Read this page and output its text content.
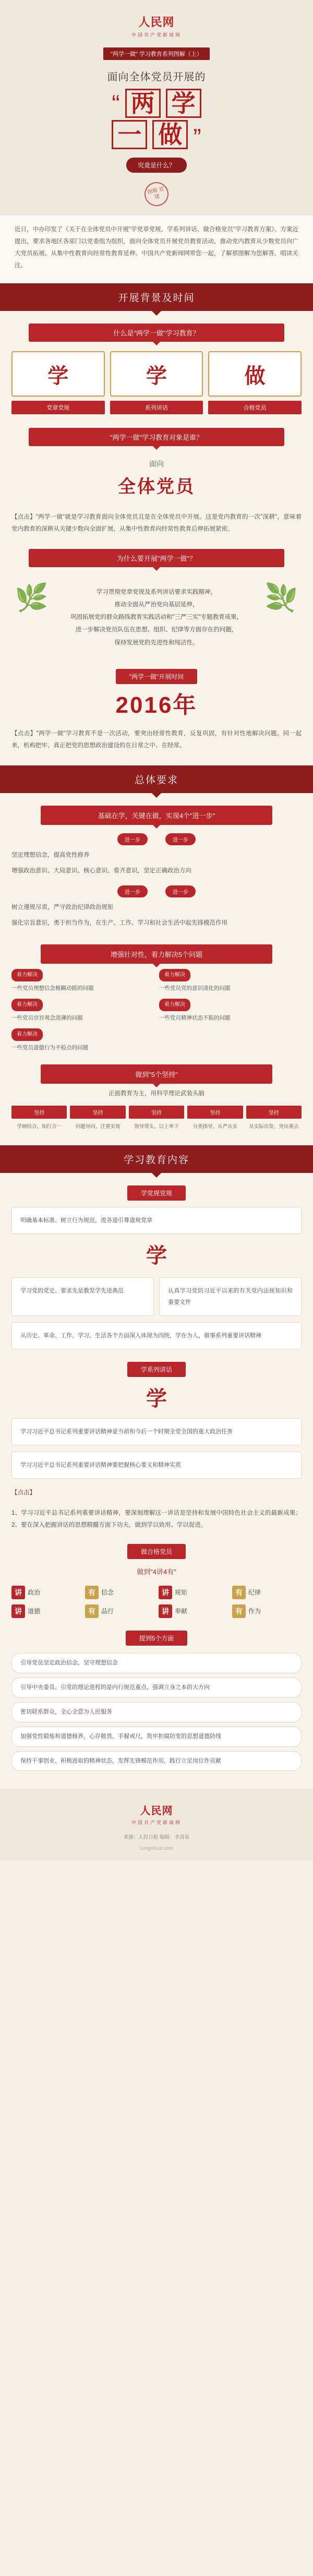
人民网
中国共产党新闻网
"两学一做" 学习教育系列图解（上）
面向全体党员开展的
“ 两 学
一 做 ”
究竟是什么？
图解 党建
近日，中办印发了《关于在全体党员中开展"学党章党规、学系列讲话、做合格党员"学习教育方案》。方案近提出，要求各地区各部门以党委组为组织，面向全体党员开展党员教育活动，推动党内教育从少数党员向广大党员拓展、从集中性教育向经常性教育延伸。中国共产党新闻网带您一起，了解那图解为您解答，唱读关注。
开展背景及时间
什么是"两学一做"学习教育？
学
党章党规
学
系列讲话
做
合格党员
"两学一做"学习教育对象是谁？
面向
全体党员
【点击】"两学一做"就是学习教育面向全体党员且是在全体党员中开展。这是党内教育的一次"深耕"，意味着党内教育的深耕从关键少数向全面扩展，从集中性教育向经常性教育后伸拓展紧密。
为什么要开展"两学一做"？
🌿	🌿
学习贯彻党章党规及系列讲话要求实践精神，
推动全面从严治党向基层延伸，
巩固拓展党的群众路线教育实践活动和"三严三实"专题教育成果，
进一步解决党员队伍在思想、组织、纪律等方面存在的问题，
保持发展党的先进性和纯洁性。
"两学一做"开展时间
2016年
【点击】"两学一做"学习教育不是一次活动，要突出经常性教育，反复巩固，有针对性地解决问题。同一起来，机构把牢、真正把党的思想政治建设的在日常之中、在经常。
总体要求
基础在学，关键在做，实现4个"进一步"
进一步	进一步
坚定理想信念，提高党性修养
增强政治意识、大局意识、核心意识、看齐意识，坚定正确政治方向
进一步	进一步
树立遵规尽责，严守政治纪律政治规矩
强化宗旨意识，勇于担当作为，在生产、工作、学习和社会生活中起先锋模范作用
增强针对性，着力解决5个问题
着力解决
一些党员理想信念模糊动摇的问题
着力解决
一些党员党的意识淡化的问题
着力解决
一些党员宗旨观念淡薄的问题
着力解决
一些党员精神状态不振的问题
着力解决
一些党员道德行为不检点的问题
做到"5个坚持"
正面教育为主，用科学理论武装头脑
坚持	坚持	坚持	坚持	坚持
学顾结合、知行合一	问题导向、注重实效	领导带头、以上率下	分类指导、从严从实	从实际出发、突出重点
学习教育内容
学党规党规
明确基本标准、树立行为规范，进各道引尊道规党章
学
学习党的党史、要求先是教发学先进典范	认真学习党的习近平以来的有关党内法规知识和重要文件
从历史、革命、工作、学习、生活各个方面深入体现为四统，学在为人，做事系列重要讲话精神
学系列讲话
学
学习习近平总书记系列重要讲话精神是当前和今后一个时期全党全国的重大政治任务
学习习近平总书记系列重要讲话精神要把握核心要义和精神实质
【点击】
1、学习习近平总书记系列重要讲话精神，要深刻理解这一讲话是坚持和发展中国特色社会主义的最新成果；2、要在深入把握讲话的思想精髓方面下功夫，做到学以致用、学以促进。
做合格党员
做到"4讲4有"
讲 政治	有 信念	讲 规矩	有 纪律
讲 道德	有 品行	讲 奉献	有 作为
提到5个方面
引导党员坚定政治信念，坚守理想信念
引导中央委员、引党的理论进程的是内行规范重点，强调立身之本的大方向
密切联系群众，全心全意为人民服务
加强党性锻炼和道德修养，心存敬畏、手握戒尺，筑牢拒腐防变的思想道德防线
保持干事创业、积极进取的精神状态，发挥先锋模范作用，践行立足岗位作贡献
人民网
中国共产党新闻网
来源：人民日报 编辑：李清泉
LongmiList.com
